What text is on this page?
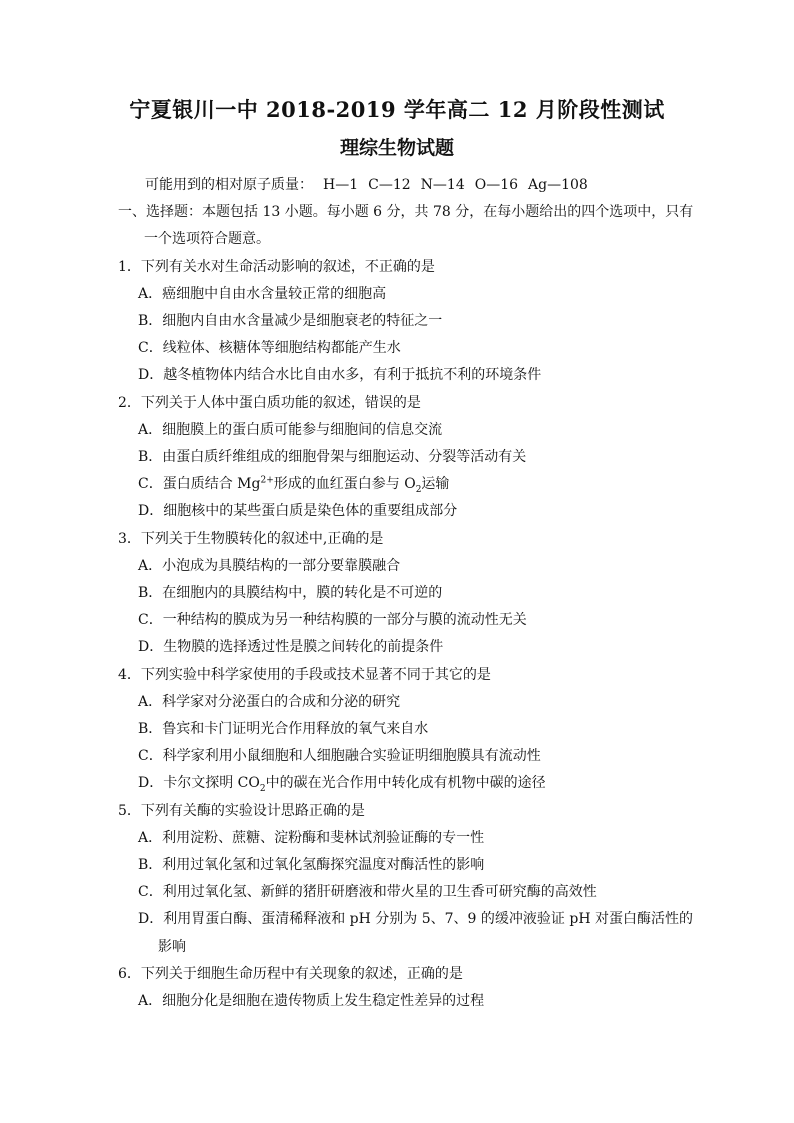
宁夏银川一中 2018-2019 学年高二 12 月阶段性测试
理综生物试题
可能用到的相对原子质量： H—1 C—12 N—14 O—16 Ag—108
一、选择题：本题包括 13 小题。每小题 6 分，共 78 分，在每小题给出的四个选项中，只有
一个选项符合题意。
1．下列有关水对生命活动影响的叙述，不正确的是
A．癌细胞中自由水含量较正常的细胞高
B．细胞内自由水含量减少是细胞衰老的特征之一
C．线粒体、核糖体等细胞结构都能产生水
D．越冬植物体内结合水比自由水多，有利于抵抗不利的环境条件
2．下列关于人体中蛋白质功能的叙述，错误的是
A．细胞膜上的蛋白质可能参与细胞间的信息交流
B．由蛋白质纤维组成的细胞骨架与细胞运动、分裂等活动有关
C．蛋白质结合 $Mg^{2+}$形成的血红蛋白参与 $O_2$运输
D．细胞核中的某些蛋白质是染色体的重要组成部分
3．下列关于生物膜转化的叙述中,正确的是
A．小泡成为具膜结构的一部分要靠膜融合
B．在细胞内的具膜结构中，膜的转化是不可逆的
C．一种结构的膜成为另一种结构膜的一部分与膜的流动性无关
D．生物膜的选择透过性是膜之间转化的前提条件
4．下列实验中科学家使用的手段或技术显著不同于其它的是
A．科学家对分泌蛋白的合成和分泌的研究
B．鲁宾和卡门证明光合作用释放的氧气来自水
C．科学家利用小鼠细胞和人细胞融合实验证明细胞膜具有流动性
D．卡尔文探明 $CO_2$中的碳在光合作用中转化成有机物中碳的途径
5．下列有关酶的实验设计思路正确的是
A．利用淀粉、蔗糖、淀粉酶和斐林试剂验证酶的专一性
B．利用过氧化氢和过氧化氢酶探究温度对酶活性的影响
C．利用过氧化氢、新鲜的猪肝研磨液和带火星的卫生香可研究酶的高效性
D．利用胃蛋白酶、蛋清稀释液和 pH 分别为 5、7、9 的缓冲液验证 pH 对蛋白酶活性的
影响
6．下列关于细胞生命历程中有关现象的叙述，正确的是
A．细胞分化是细胞在遗传物质上发生稳定性差异的过程
